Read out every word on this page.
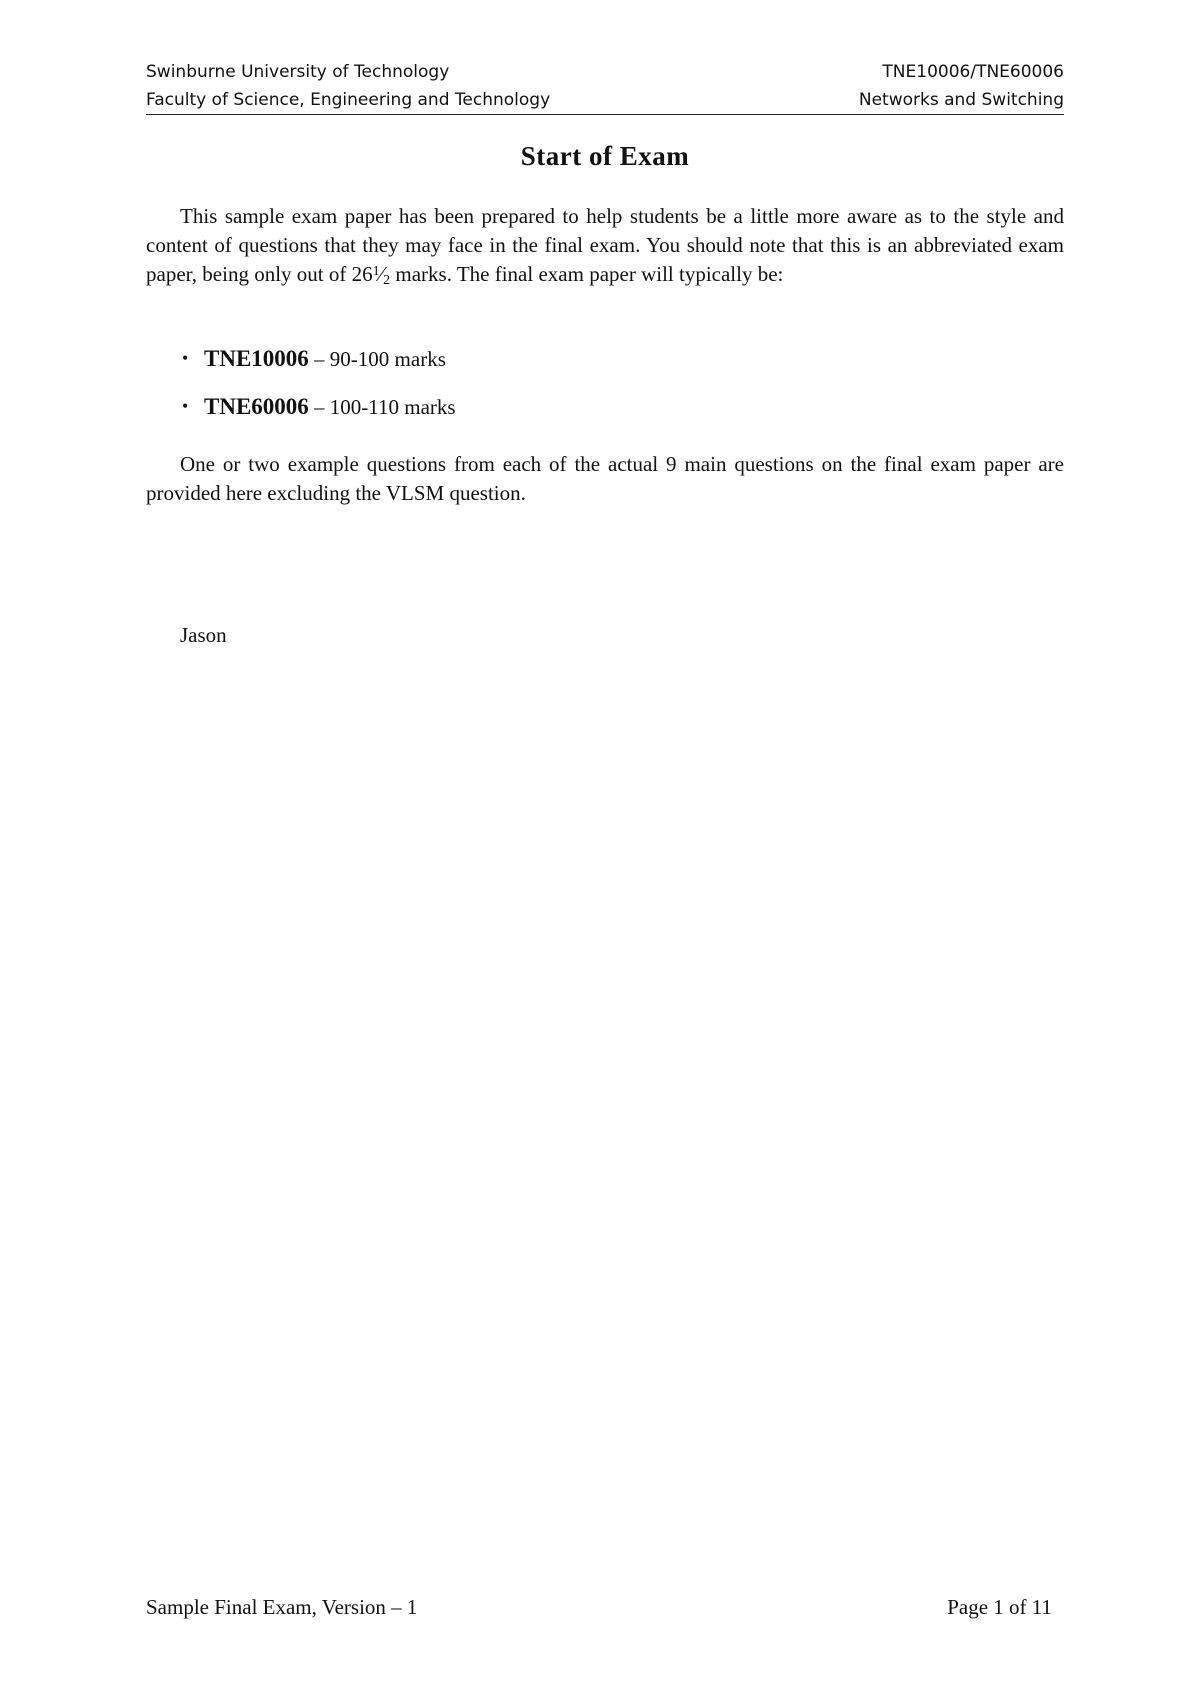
Swinburne University of Technology
Faculty of Science, Engineering and Technology
TNE10006/TNE60006
Networks and Switching
Start of Exam
This sample exam paper has been prepared to help students be a little more aware as to the style and content of questions that they may face in the final exam. You should note that this is an abbreviated exam paper, being only out of $26^1⁄_2$ marks. The final exam paper will typically be:
• TNE10006 – 90-100 marks
• TNE60006 – 100-110 marks
One or two example questions from each of the actual 9 main questions on the final exam paper are provided here excluding the VLSM question.
Jason
Sample Final Exam, Version – 1	Page 1 of 11
